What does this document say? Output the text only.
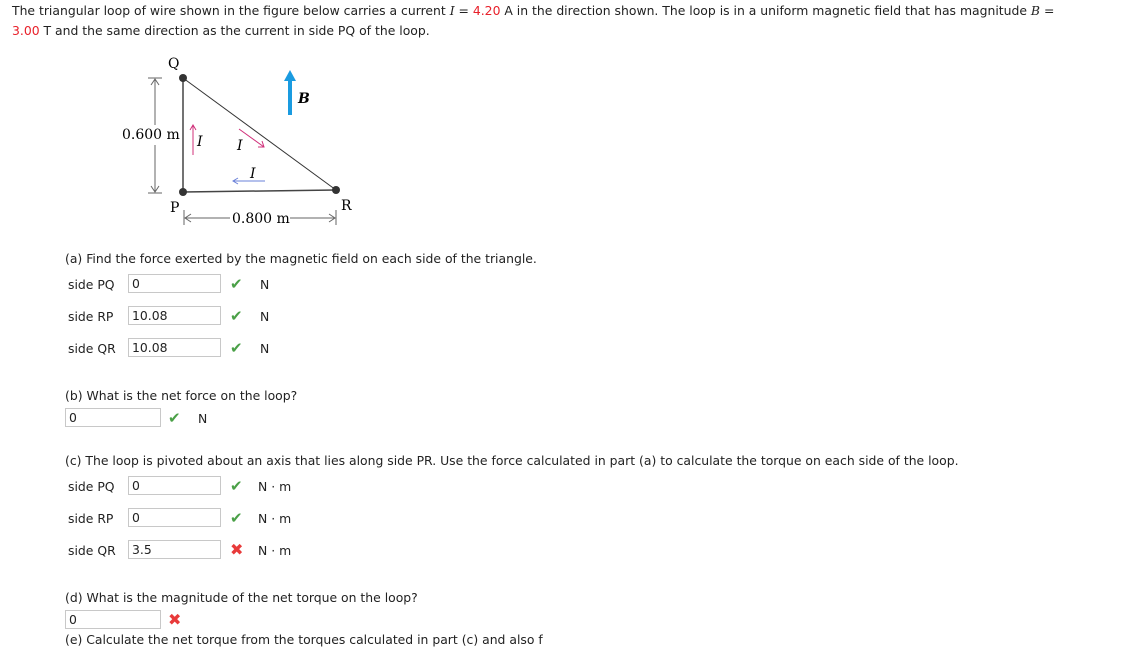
The triangular loop of wire shown in the figure below carries a current I = 4.20 A in the direction shown. The loop is in a uniform magnetic field that has magnitude B =
3.00 T and the same direction as the current in side PQ of the loop.
Q
P	R
0.600 m
0.800 m
B
I I
I
(a) Find the force exerted by the magnetic field on each side of the triangle.
side PQ
0	✔ N
side RP
10.08	✔ N
side QR
10.08	✔ N
(b) What is the net force on the loop?
0
✔ N
(c) The loop is pivoted about an axis that lies along side PR. Use the force calculated in part (a) to calculate the torque on each side of the loop.
side PQ
0	✔ N · m
side RP
0	✔ N · m
side QR
3.5	✖ N · m
(d) What is the magnitude of the net torque on the loop?
0
✖
(e) Calculate the net torque from the torques calculated in part (c) and also f
